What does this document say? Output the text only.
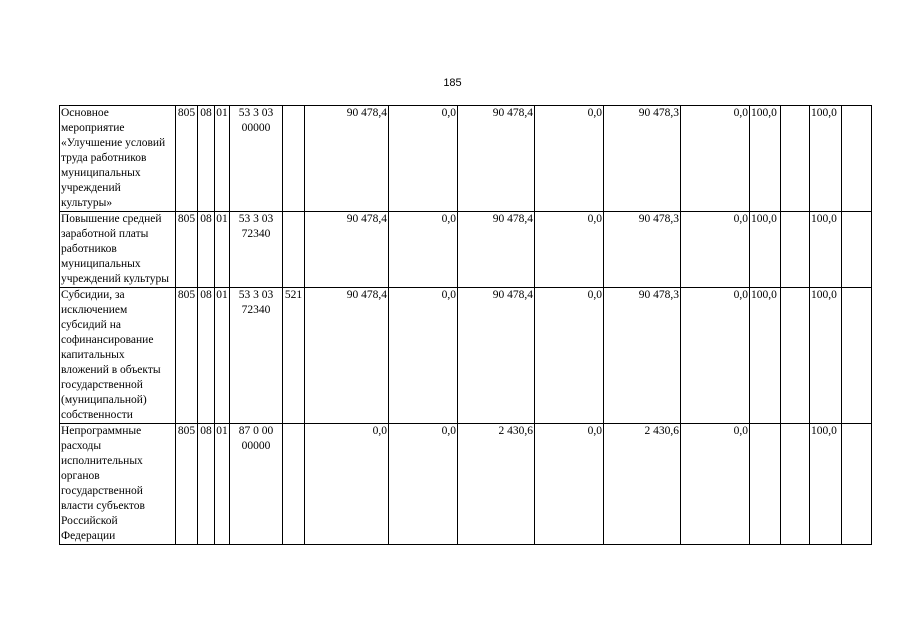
185
Основное мероприятие «Улучшение условий труда работников муниципальных учреждений культуры»	805	08	01	53 3 03 00000		90 478,4	0,0	90 478,4	0,0	90 478,3	0,0	100,0		100,0	
Повышение средней заработной платы работников муниципальных учреждений культуры	805	08	01	53 3 03 72340		90 478,4	0,0	90 478,4	0,0	90 478,3	0,0	100,0		100,0	
Субсидии, за исключением субсидий на софинансирование капитальных вложений в объекты государственной (муниципальной) собственности	805	08	01	53 3 03 72340	521	90 478,4	0,0	90 478,4	0,0	90 478,3	0,0	100,0		100,0	
Непрограммные расходы исполнительных органов государственной власти субъектов Российской Федерации	805	08	01	87 0 00 00000		0,0	0,0	2 430,6	0,0	2 430,6	0,0			100,0	
